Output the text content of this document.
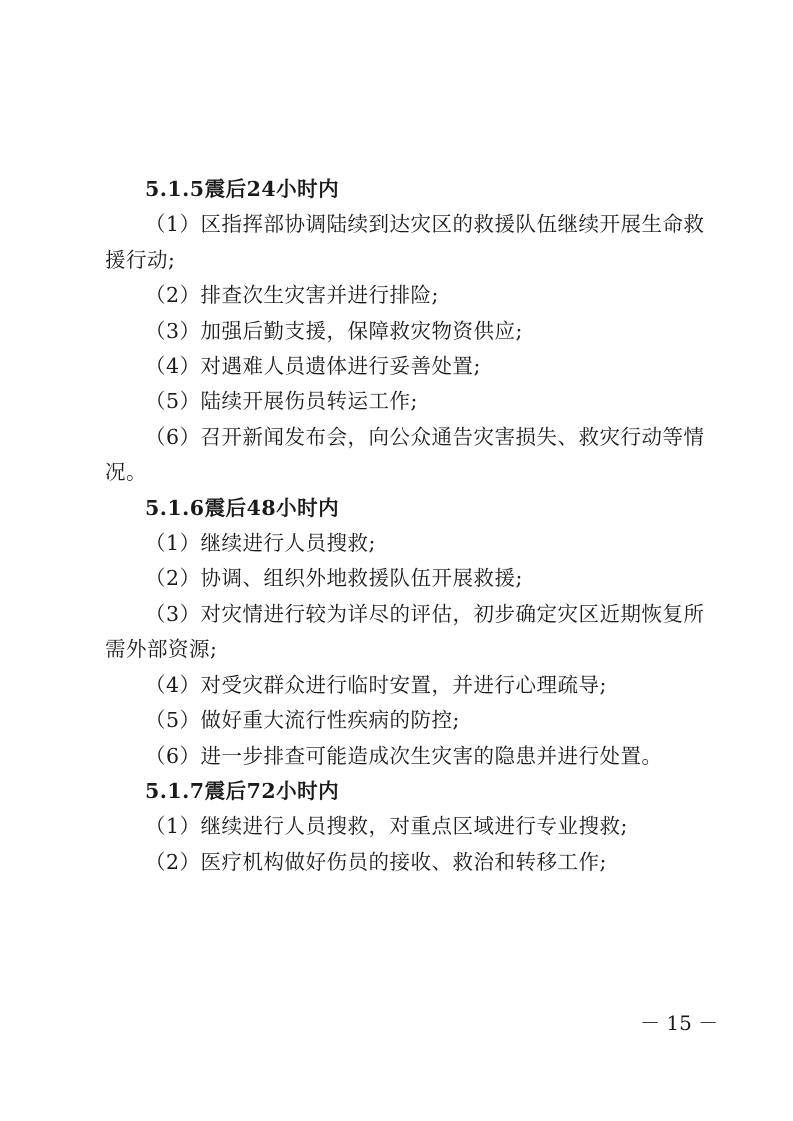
5.1.5震后24小时内
（1）区指挥部协调陆续到达灾区的救援队伍继续开展生命救
援行动;
（2）排查次生灾害并进行排险;
（3）加强后勤支援，保障救灾物资供应;
（4）对遇难人员遗体进行妥善处置;
（5）陆续开展伤员转运工作;
（6）召开新闻发布会，向公众通告灾害损失、救灾行动等情
况。
5.1.6震后48小时内
（1）继续进行人员搜救;
（2）协调、组织外地救援队伍开展救援;
（3）对灾情进行较为详尽的评估，初步确定灾区近期恢复所
需外部资源;
（4）对受灾群众进行临时安置，并进行心理疏导;
（5）做好重大流行性疾病的防控;
（6）进一步排查可能造成次生灾害的隐患并进行处置。
5.1.7震后72小时内
（1）继续进行人员搜救，对重点区域进行专业搜救;
（2）医疗机构做好伤员的接收、救治和转移工作;
－ 15 －
